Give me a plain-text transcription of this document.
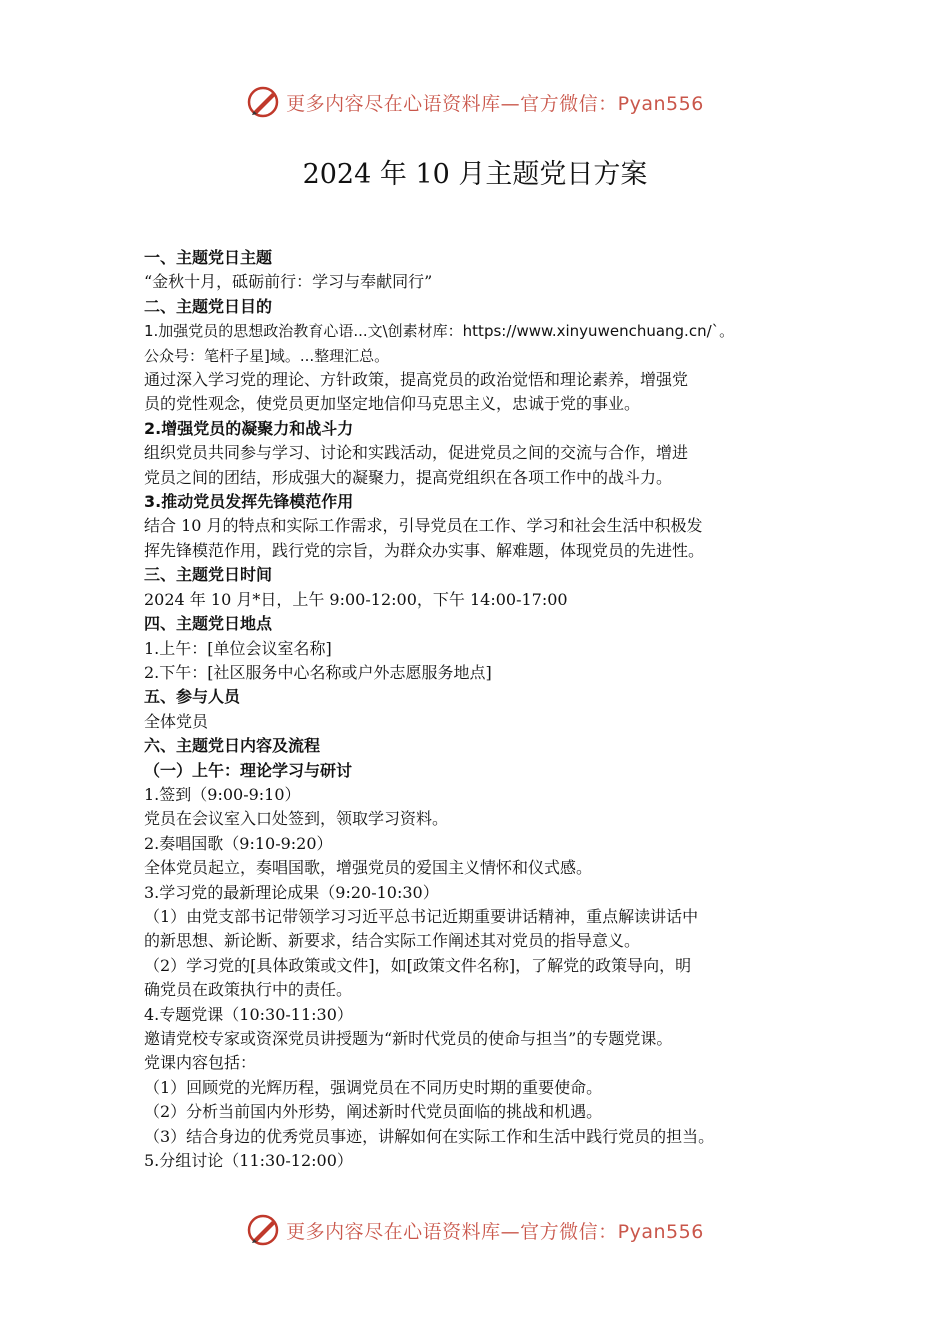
更多内容尽在心语资料库—官方微信：Pyan556
2024 年 10 月主题党日方案
一、主题党日主题
“金秋十月，砥砺前行：学习与奉献同行”
二、主题党日目的
1.加强党员的思想政治教育心语...文\创素材库：https://www.xinyuwenchuang.cn/`。
公众号：笔杆子星]域。...整理汇总。
通过深入学习党的理论、方针政策，提高党员的政治觉悟和理论素养，增强党
员的党性观念，使党员更加坚定地信仰马克思主义，忠诚于党的事业。
2.增强党员的凝聚力和战斗力
组织党员共同参与学习、讨论和实践活动，促进党员之间的交流与合作，增进
党员之间的团结，形成强大的凝聚力，提高党组织在各项工作中的战斗力。
3.推动党员发挥先锋模范作用
结合 10 月的特点和实际工作需求，引导党员在工作、学习和社会生活中积极发
挥先锋模范作用，践行党的宗旨，为群众办实事、解难题，体现党员的先进性。
三、主题党日时间
2024 年 10 月*日，上午 9:00-12:00，下午 14:00-17:00
四、主题党日地点
1.上午：[单位会议室名称]
2.下午：[社区服务中心名称或户外志愿服务地点]
五、参与人员
全体党员
六、主题党日内容及流程
（一）上午：理论学习与研讨
1.签到（9:00-9:10）
党员在会议室入口处签到，领取学习资料。
2.奏唱国歌（9:10-9:20）
全体党员起立，奏唱国歌，增强党员的爱国主义情怀和仪式感。
3.学习党的最新理论成果（9:20-10:30）
（1）由党支部书记带领学习习近平总书记近期重要讲话精神，重点解读讲话中
的新思想、新论断、新要求，结合实际工作阐述其对党员的指导意义。
（2）学习党的[具体政策或文件]，如[政策文件名称]，了解党的政策导向，明
确党员在政策执行中的责任。
4.专题党课（10:30-11:30）
邀请党校专家或资深党员讲授题为“新时代党员的使命与担当”的专题党课。
党课内容包括：
（1）回顾党的光辉历程，强调党员在不同历史时期的重要使命。
（2）分析当前国内外形势，阐述新时代党员面临的挑战和机遇。
（3）结合身边的优秀党员事迹，讲解如何在实际工作和生活中践行党员的担当。
5.分组讨论（11:30-12:00）
更多内容尽在心语资料库—官方微信：Pyan556
